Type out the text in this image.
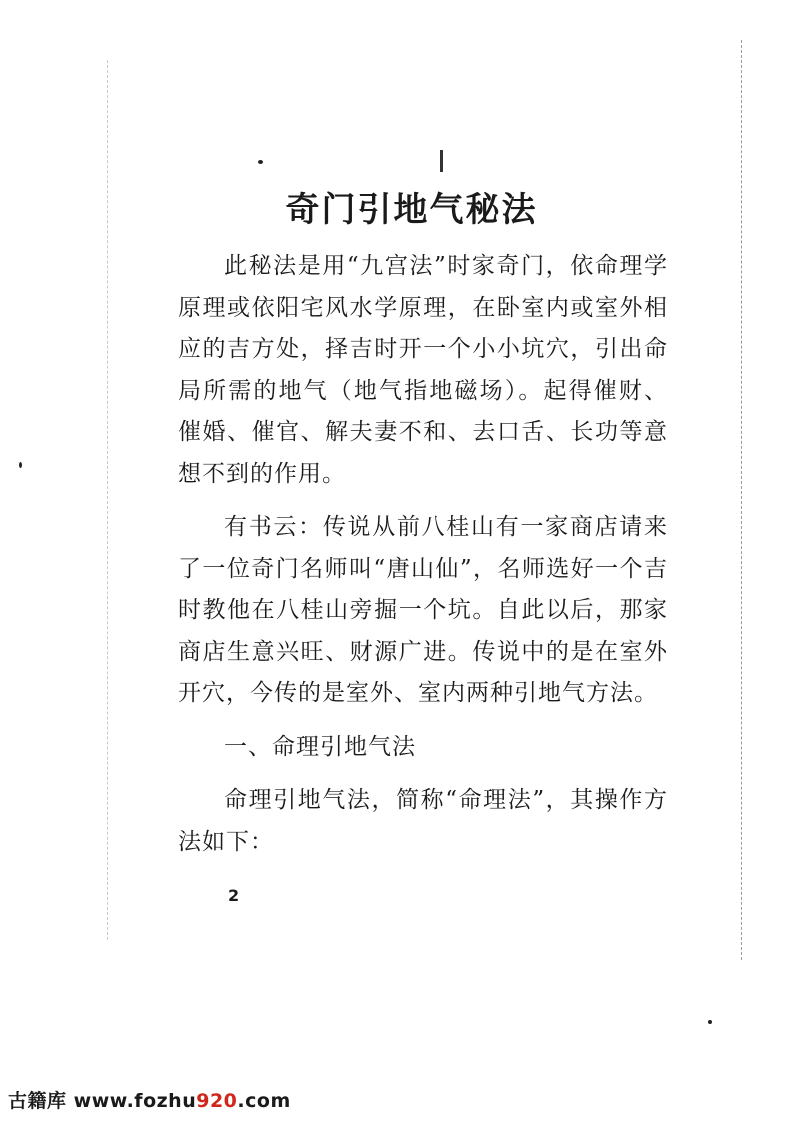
奇门引地气秘法

此秘法是用“九宫法”时家奇门，依命理学原理或依阳宅风水学原理，在卧室内或室外相应的吉方处，择吉时开一个小小坑穴，引出命局所需的地气（地气指地磁场）。起得催财、催婚、催官、解夫妻不和、去口舌、长功等意想不到的作用。

有书云：传说从前八桂山有一家商店请来了一位奇门名师叫“唐山仙”，名师选好一个吉时教他在八桂山旁掘一个坑。自此以后，那家商店生意兴旺、财源广进。传说中的是在室外开穴，今传的是室外、室内两种引地气方法。

一、命理引地气法

命理引地气法，简称“命理法”，其操作方法如下：

2
古籍库 www.fozhu920.com
